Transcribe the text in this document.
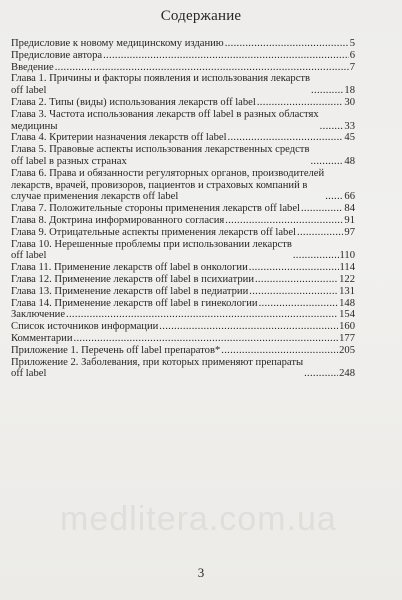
Содержание
Предисловие к новому медицинскому изданию .....	5
Предисловие автора .....	6
Введение .....	7
Глава 1. Причины и факторы появления и использования лекарств
off label .....	18
Глава 2. Типы (виды) использования лекарств off label .....	30
Глава 3. Частота использования лекарств off label в разных областях
медицины .....	33
Глава 4. Критерии назначения лекарств off label .....	45
Глава 5. Правовые аспекты использования лекарственных средств
off label в разных странах .....	48
Глава 6. Права и обязанности регуляторных органов, производителей
лекарств, врачей, провизоров, пациентов и страховых компаний в
случае применения лекарств off label .....	66
Глава 7. Положительные стороны применения лекарств off label .....	84
Глава 8. Доктрина информированного согласия .....	91
Глава 9. Отрицательные аспекты применения лекарств off label .....	97
Глава 10. Нерешенные проблемы при использовании лекарств
off label .....	110
Глава 11. Применение лекарств off label в онкологии .....	114
Глава 12. Применение лекарств off label в психиатрии .....	122
Глава 13. Применение лекарств off label в педиатрии .....	131
Глава 14. Применение лекарств off label в гинекологии .....	148
Заключение .....	154
Список источников информации .....	160
Комментарии .....	177
Приложение 1. Перечень off label препаратов* .....	205
Приложение 2. Заболевания, при которых применяют препараты
off label .....	248
medlitera.com.ua
3
